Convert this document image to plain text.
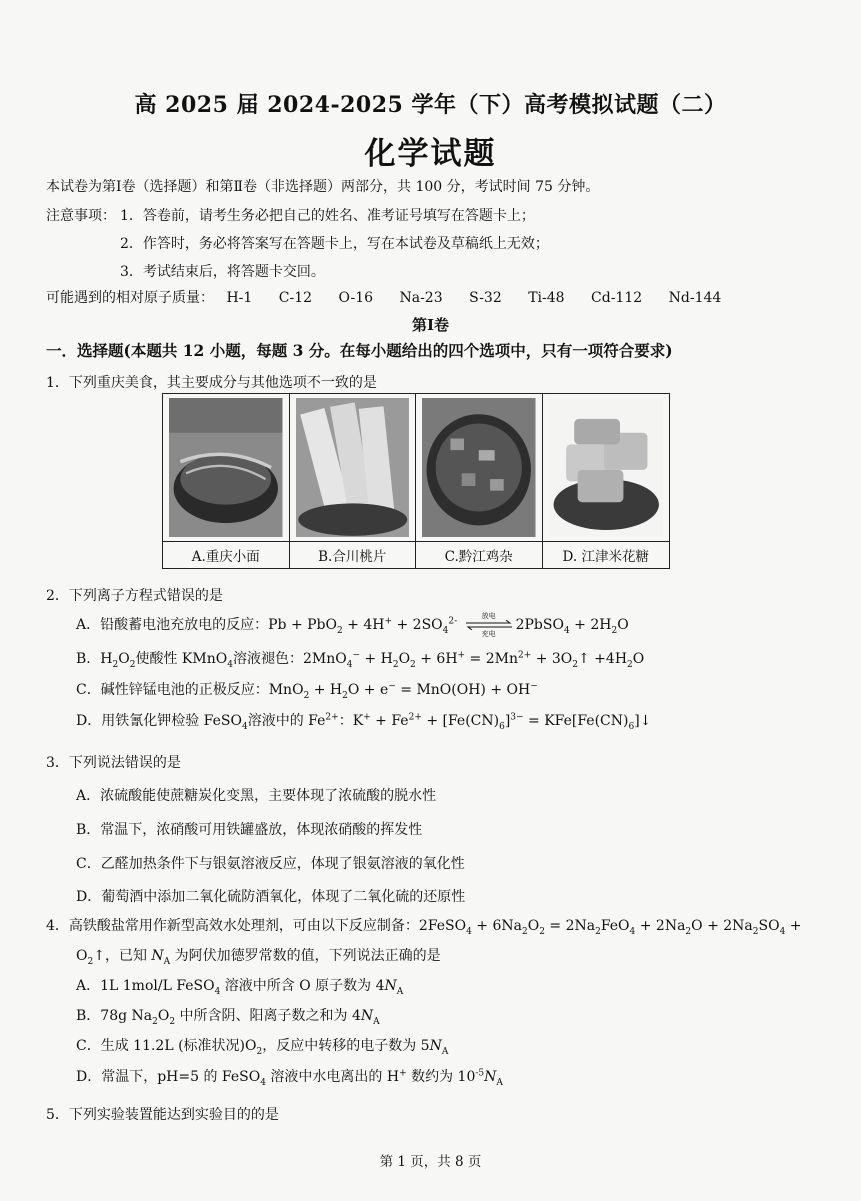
高 2025 届 2024-2025 学年（下）高考模拟试题（二）
化学试题
本试卷为第Ⅰ卷（选择题）和第Ⅱ卷（非选择题）两部分，共 100 分，考试时间 75 分钟。
注意事项： 1．答卷前，请考生务必把自己的姓名、准考证号填写在答题卡上；
2．作答时，务必将答案写在答题卡上，写在本试卷及草稿纸上无效；
3．考试结束后，将答题卡交回。
可能遇到的相对原子质量： H-1 C-12 O-16 Na-23 S-32 Ti-48 Cd-112 Nd-144
第Ⅰ卷
一．选择题(本题共 12 小题，每题 3 分。在每小题给出的四个选项中，只有一项符合要求)
1．下列重庆美食，其主要成分与其他选项不一致的是
A.重庆小面	B.合川桃片	C.黔江鸡杂	D. 江津米花糖
2．下列离子方程式错误的是
A．铅酸蓄电池充放电的反应：$Pb + PbO_2 + 4H^+ + 2SO_4^{2-}$
放电
充电
2PbSO$_4$ + $2H_2O$
B．$H_2O_2$使酸性 KMnO$_4$溶液褪色：$2MnO_4^- + H_2O_2 + 6H^+ = 2Mn^{2+}$ + $3O_2↑ +4H_2O$
C．碱性锌锰电池的正极反应：$MnO_2 + H_2O + e^- = MnO(OH) + OH^-$
D．用铁氰化钾检验 FeSO$_4$溶液中的 $Fe^{2+}$：$K^+ + Fe^{2+} + [Fe(CN)_6]^{3-}$ = $KFe[Fe(CN)_6]↓$
3．下列说法错误的是
A．浓硫酸能使蔗糖炭化变黑，主要体现了浓硫酸的脱水性
B．常温下，浓硝酸可用铁罐盛放，体现浓硝酸的挥发性
C．乙醛加热条件下与银氨溶液反应，体现了银氨溶液的氧化性
D．葡萄酒中添加二氧化硫防酒氧化，体现了二氧化硫的还原性
4．高铁酸盐常用作新型高效水处理剂，可由以下反应制备：2FeSO$_4$ + $6Na_2O_2 = 2Na_2FeO_4 + 2Na_2O + 2Na_2SO_4$ +
$O_2↑$，已知 $N_A$ 为阿伏加德罗常数的值，下列说法正确的是
A．1L 1mol/L FeSO$_4$ 溶液中所含 O 原子数为 $4N_A$
B．78g $Na_2O_2$ 中所含阴、阳离子数之和为 $4N_A$
C．生成 11.2L (标准状况)$O_2$，反应中转移的电子数为 $5N_A$
D．常温下，pH=5 的 FeSO$_4$ 溶液中水电离出的 H+ 数约为 $10^{-5}N_A$
5．下列实验装置能达到实验目的的是
第 1 页，共 8 页
